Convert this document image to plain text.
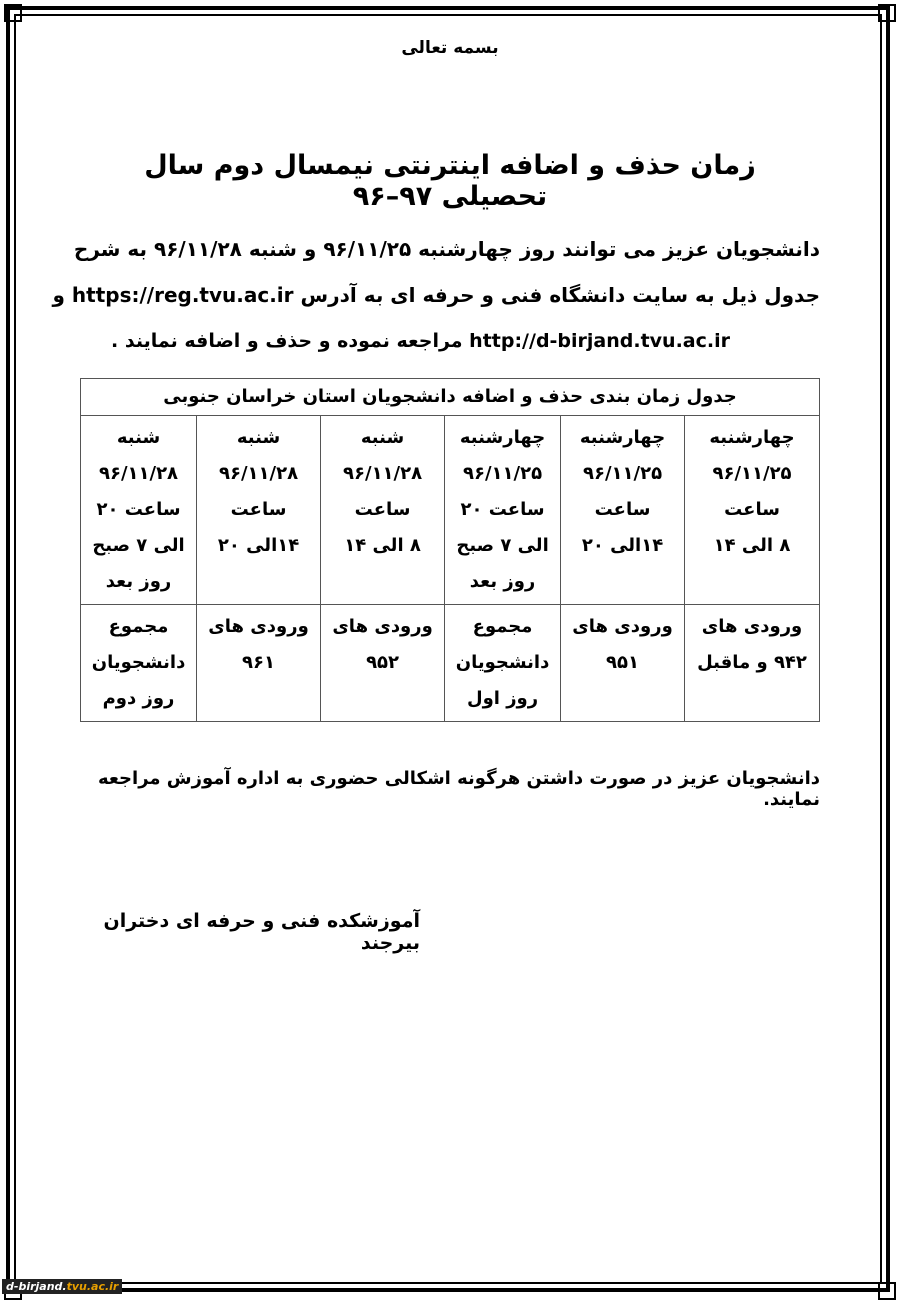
بسمه تعالی
زمان حذف و اضافه اینترنتی نیمسال دوم سال تحصیلی ۹۷–۹۶
دانشجویان عزیز می توانند روز چهارشنبه ۹۶/۱۱/۲۵ و شنبه ۹۶/۱۱/۲۸ به شرح
جدول ذیل به سایت دانشگاه فنی و حرفه ای به آدرس https://reg.tvu.ac.ir و
http://d-birjand.tvu.ac.ir مراجعه نموده و حذف و اضافه نمایند .
جدول زمان بندی حذف و اضافه دانشجویان استان خراسان جنوبی					

چهارشنبه
۹۶/۱۱/۲۵
ساعت
۸ الی ۱۴	چهارشنبه
۹۶/۱۱/۲۵
ساعت
۱۴الی ۲۰	چهارشنبه
۹۶/۱۱/۲۵
ساعت ۲۰
الی ۷ صبح
روز بعد	شنبه
۹۶/۱۱/۲۸
ساعت
۸ الی ۱۴	شنبه
۹۶/۱۱/۲۸
ساعت
۱۴الی ۲۰	شنبه
۹۶/۱۱/۲۸
ساعت ۲۰
الی ۷ صبح
روز بعد

ورودی های
۹۴۲ و ماقبل	ورودی های
۹۵۱	مجموع
دانشجویان
روز اول	ورودی های
۹۵۲	ورودی های
۹۶۱	مجموع
دانشجویان
روز دوم
دانشجویان عزیز در صورت داشتن هرگونه اشکالی حضوری به اداره آموزش مراجعه نمایند.
آموزشکده فنی و حرفه ای دختران بیرجند
d-birjand.tvu.ac.ir
